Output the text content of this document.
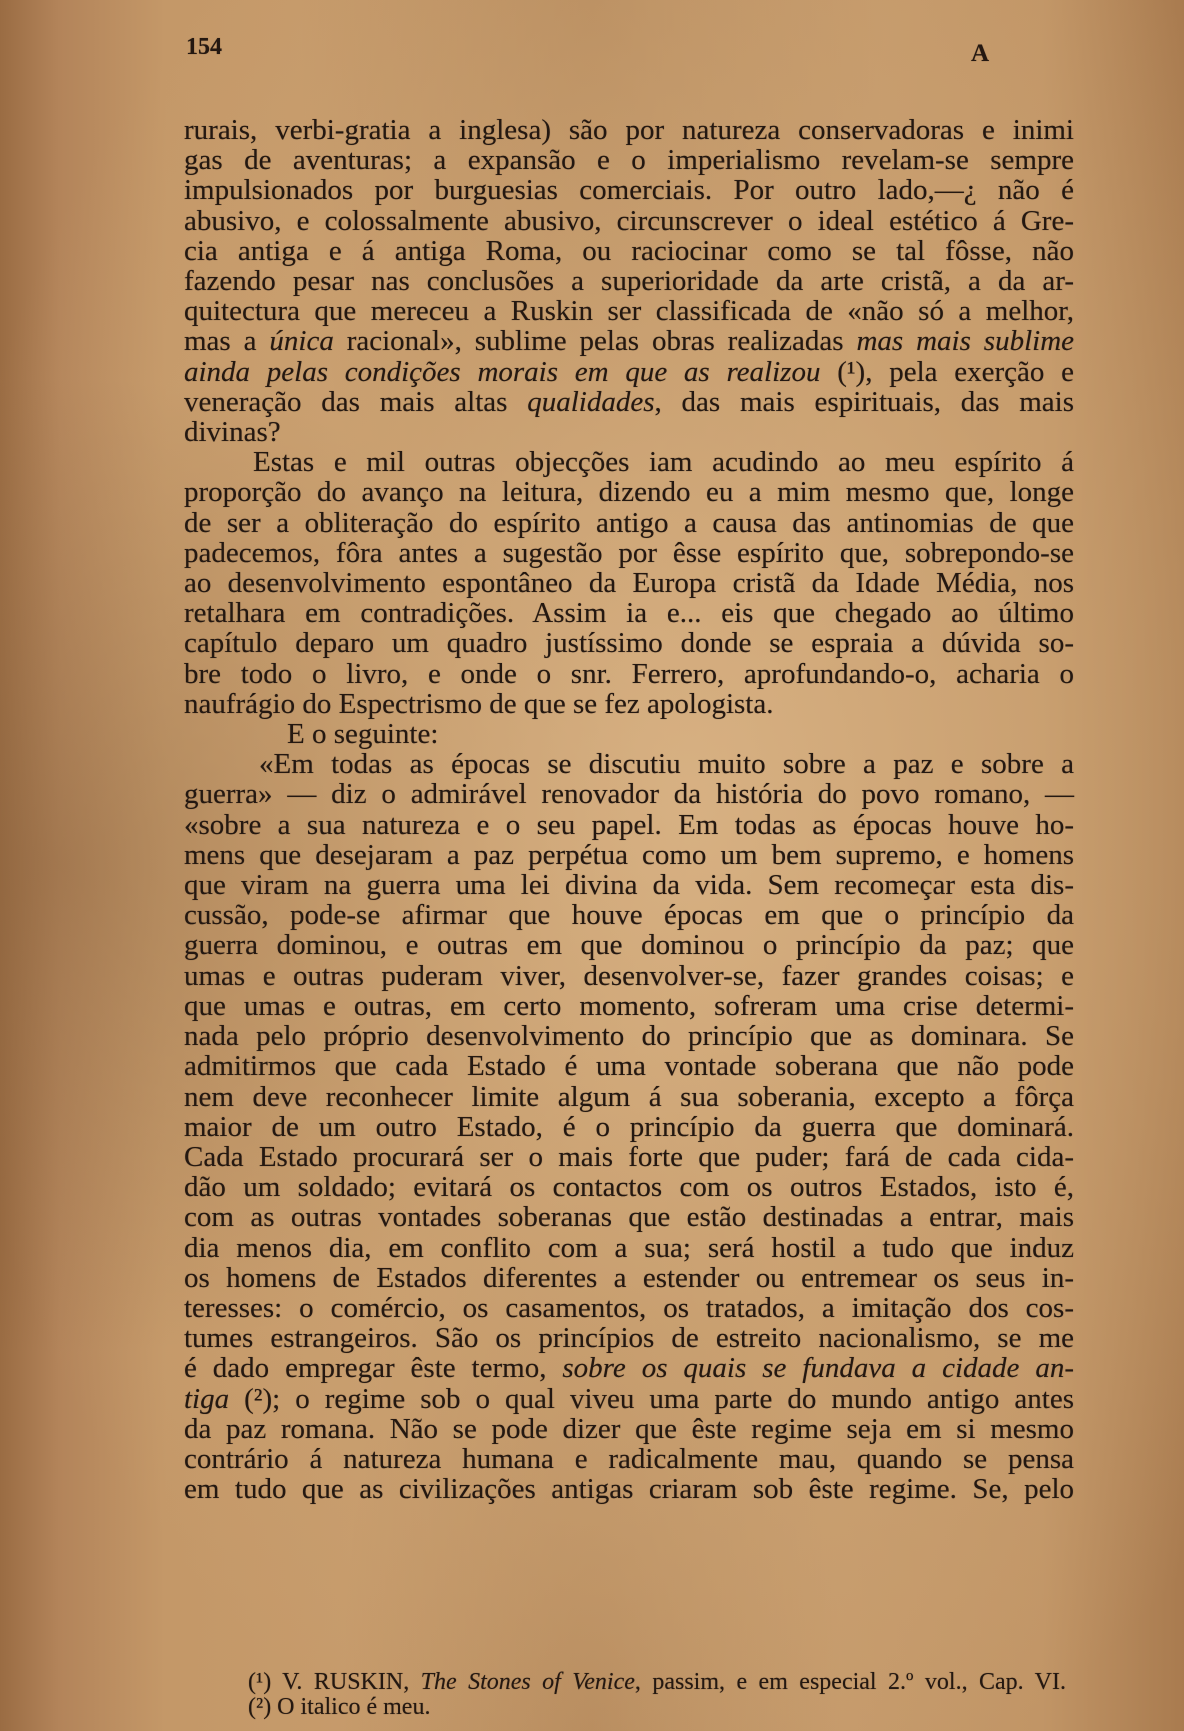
154	A
rurais, verbi-gratia a inglesa) são por natureza conservadoras e inimi
gas de aventuras; a expansão e o imperialismo revelam-se sempre
impulsionados por burguesias comerciais. Por outro lado,—¿ não é
abusivo, e colossalmente abusivo, circunscrever o ideal estético á Gre-
cia antiga e á antiga Roma, ou raciocinar como se tal fôsse, não
fazendo pesar nas conclusões a superioridade da arte cristã, a da ar-
quitectura que mereceu a Ruskin ser classificada de «não só a melhor,
mas a única racional», sublime pelas obras realizadas mas mais sublime
ainda pelas condições morais em que as realizou (¹), pela exerção e
veneração das mais altas qualidades, das mais espirituais, das mais
divinas?
Estas e mil outras objecções iam acudindo ao meu espírito á
proporção do avanço na leitura, dizendo eu a mim mesmo que, longe
de ser a obliteração do espírito antigo a causa das antinomias de que
padecemos, fôra antes a sugestão por êsse espírito que, sobrepondo-se
ao desenvolvimento espontâneo da Europa cristã da Idade Média, nos
retalhara em contradições. Assim ia e... eis que chegado ao último
capítulo deparo um quadro justíssimo donde se espraia a dúvida so-
bre todo o livro, e onde o snr. Ferrero, aprofundando-o, acharia o
naufrágio do Espectrismo de que se fez apologista.
E o seguinte:
«Em todas as épocas se discutiu muito sobre a paz e sobre a
guerra» — diz o admirável renovador da história do povo romano, —
«sobre a sua natureza e o seu papel. Em todas as épocas houve ho-
mens que desejaram a paz perpétua como um bem supremo, e homens
que viram na guerra uma lei divina da vida. Sem recomeçar esta dis-
cussão, pode-se afirmar que houve épocas em que o princípio da
guerra dominou, e outras em que dominou o princípio da paz; que
umas e outras puderam viver, desenvolver-se, fazer grandes coisas; e
que umas e outras, em certo momento, sofreram uma crise determi-
nada pelo próprio desenvolvimento do princípio que as dominara. Se
admitirmos que cada Estado é uma vontade soberana que não pode
nem deve reconhecer limite algum á sua soberania, excepto a fôrça
maior de um outro Estado, é o princípio da guerra que dominará.
Cada Estado procurará ser o mais forte que puder; fará de cada cida-
dão um soldado; evitará os contactos com os outros Estados, isto é,
com as outras vontades soberanas que estão destinadas a entrar, mais
dia menos dia, em conflito com a sua; será hostil a tudo que induz
os homens de Estados diferentes a estender ou entremear os seus in-
teresses: o comércio, os casamentos, os tratados, a imitação dos cos-
tumes estrangeiros. São os princípios de estreito nacionalismo, se me
é dado empregar êste termo, sobre os quais se fundava a cidade an-
tiga (²); o regime sob o qual viveu uma parte do mundo antigo antes
da paz romana. Não se pode dizer que êste regime seja em si mesmo
contrário á natureza humana e radicalmente mau, quando se pensa
em tudo que as civilizações antigas criaram sob êste regime. Se, pelo
(¹) V. RUSKIN, The Stones of Venice, passim, e em especial 2.º vol., Cap. VI.
(²) O italico é meu.
